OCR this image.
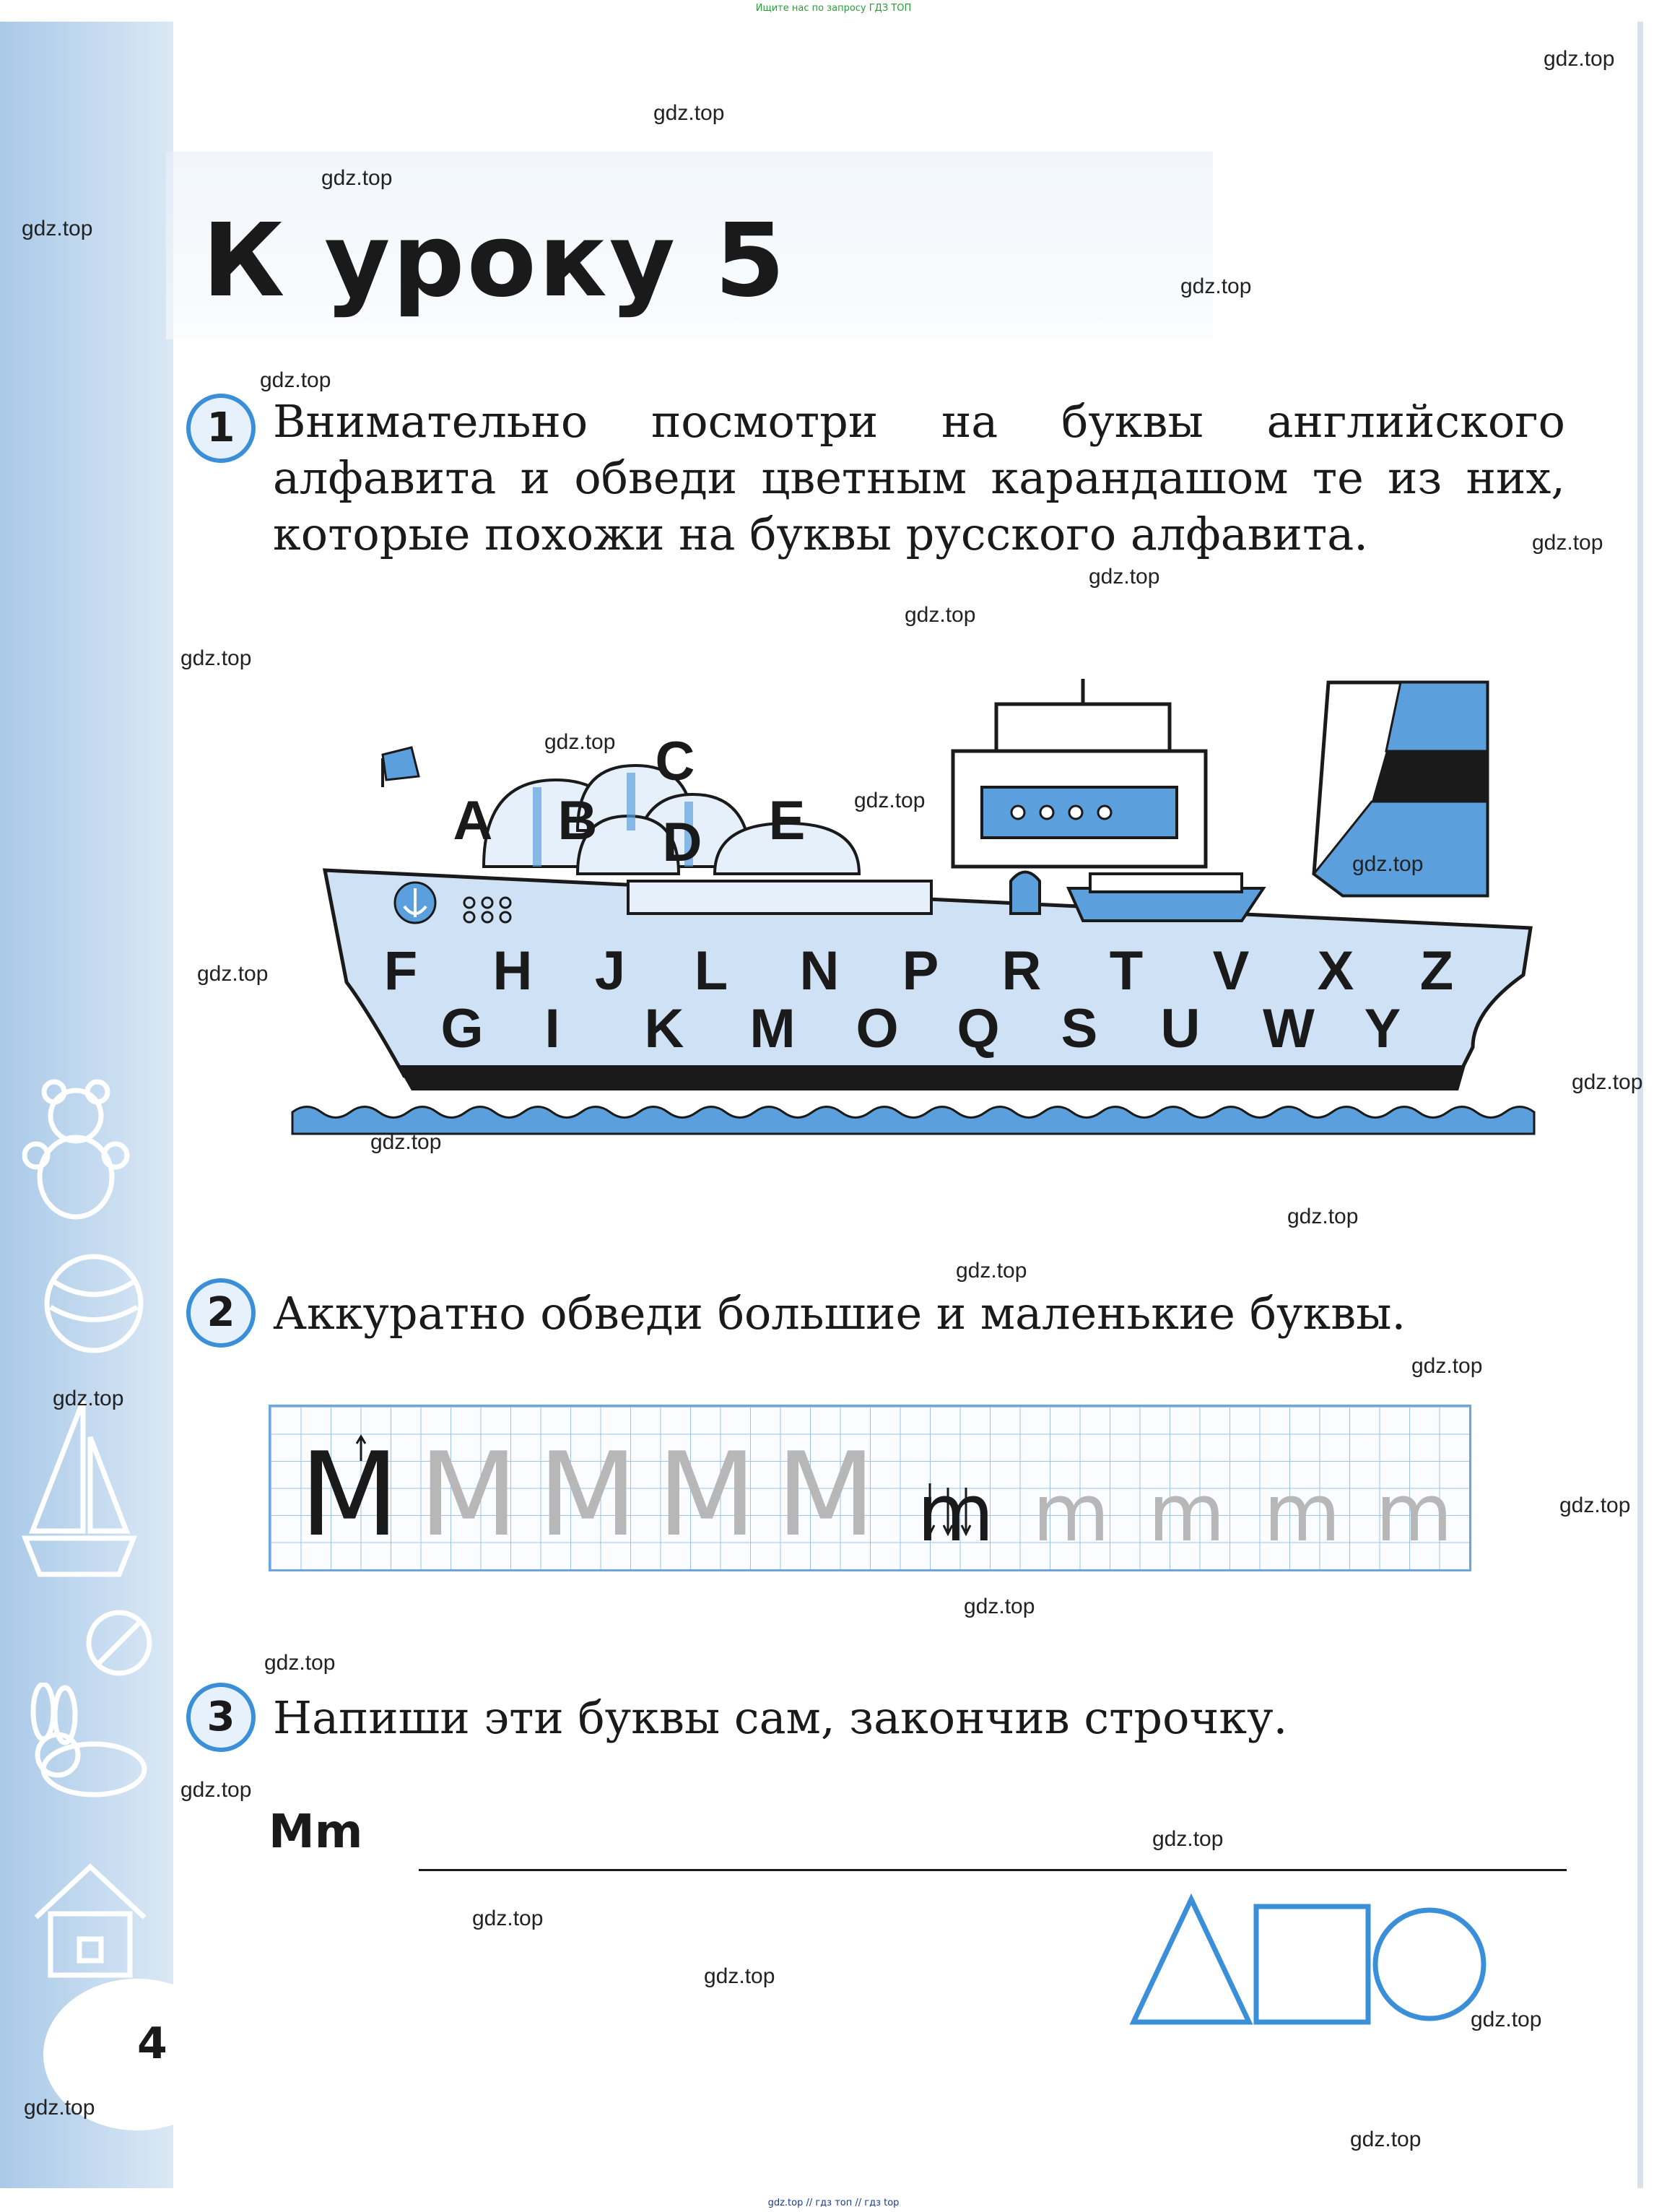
Ищите нас по запросу ГДЗ ТОП
gdz.top // гдз топ // гдз top
К уроку 5
1 Внимательно посмотри на буквы английского алфавита и обведи цветным карандашом те из них, которые похожи на буквы русского алфавита.
A B
C
D E
F H J L N P R T V X Z
G I K M O Q S U W Y
2 Аккуратно обведи большие и маленькие буквы.
M M M M M m m m m m
3 Напиши эти буквы сам, закончив строчку.
Mm
4
gdz.top
gdz.top
gdz.top
gdz.top
gdz.top
gdz.top
gdz.top
gdz.top
gdz.top
gdz.top
gdz.top
gdz.top
gdz.top
gdz.top
gdz.top
gdz.top
gdz.top
gdz.top
gdz.top
gdz.top
gdz.top
gdz.top
gdz.top
gdz.top
gdz.top
gdz.top
gdz.top
gdz.top
gdz.top
gdz.top
